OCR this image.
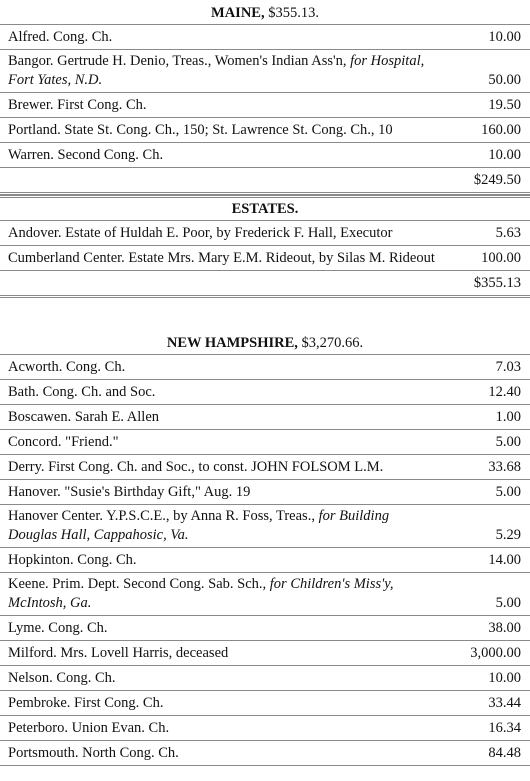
MAINE, $355.13.
Alfred. Cong. Ch.	10.00
Bangor. Gertrude H. Denio, Treas., Women's Indian Ass'n, for Hospital, Fort Yates, N.D.	50.00
Brewer. First Cong. Ch.	19.50
Portland. State St. Cong. Ch., 150; St. Lawrence St. Cong. Ch., 10	160.00
Warren. Second Cong. Ch.	10.00
$249.50
ESTATES.
Andover. Estate of Huldah E. Poor, by Frederick F. Hall, Executor	5.63
Cumberland Center. Estate Mrs. Mary E.M. Rideout, by Silas M. Rideout	100.00
$355.13
NEW HAMPSHIRE, $3,270.66.
Acworth. Cong. Ch.	7.03
Bath. Cong. Ch. and Soc.	12.40
Boscawen. Sarah E. Allen	1.00
Concord. "Friend."	5.00
Derry. First Cong. Ch. and Soc., to const. JOHN FOLSOM L.M.	33.68
Hanover. "Susie's Birthday Gift," Aug. 19	5.00
Hanover Center. Y.P.S.C.E., by Anna R. Foss, Treas., for Building Douglas Hall, Cappahosic, Va.	5.29
Hopkinton. Cong. Ch.	14.00
Keene. Prim. Dept. Second Cong. Sab. Sch., for Children's Miss'y, McIntosh, Ga.	5.00
Lyme. Cong. Ch.	38.00
Milford. Mrs. Lovell Harris, deceased	3,000.00
Nelson. Cong. Ch.	10.00
Pembroke. First Cong. Ch.	33.44
Peterboro. Union Evan. Ch.	16.34
Portsmouth. North Cong. Ch.	84.48
